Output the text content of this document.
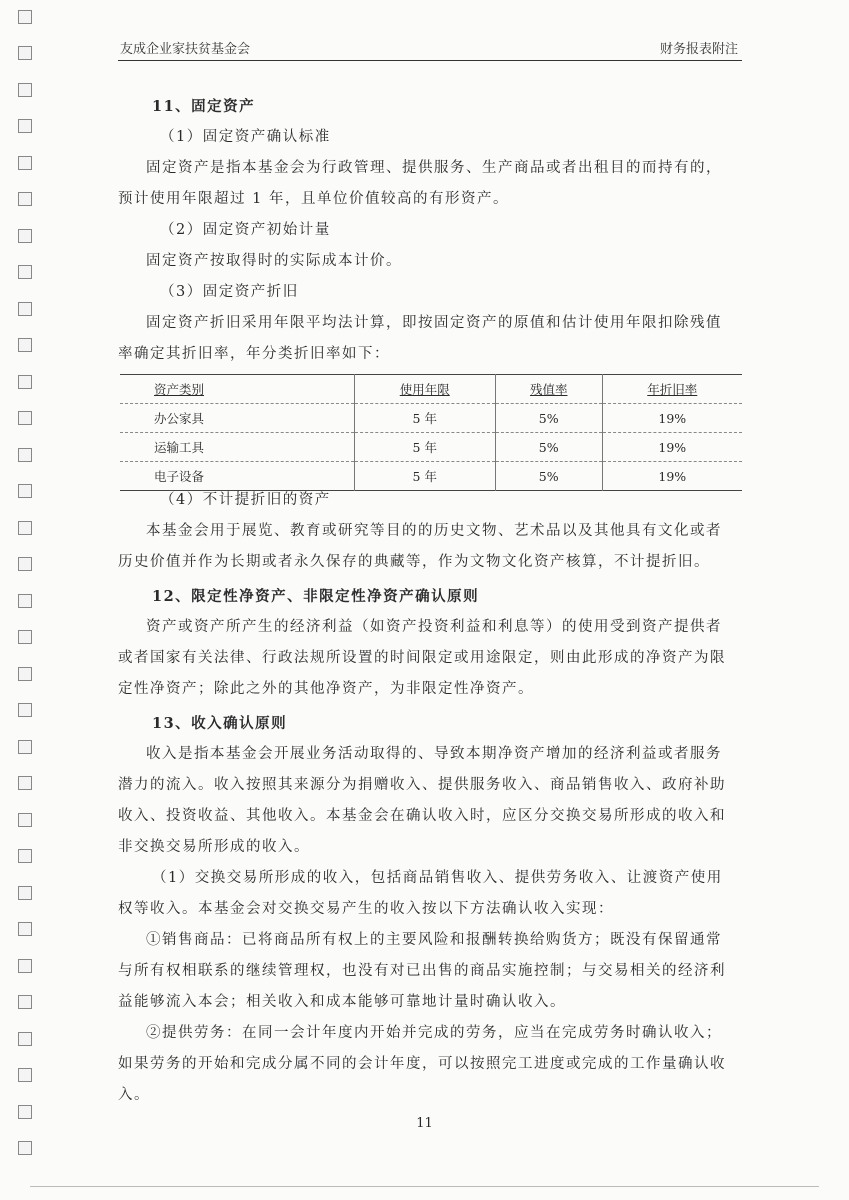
友成企业家扶贫基金会	财务报表附注

11、固定资产

（1）固定资产确认标准

固定资产是指本基金会为行政管理、提供服务、生产商品或者出租目的而持有的，

预计使用年限超过 1 年，且单位价值较高的有形资产。

（2）固定资产初始计量

固定资产按取得时的实际成本计价。

（3）固定资产折旧

固定资产折旧采用年限平均法计算，即按固定资产的原值和估计使用年限扣除残值

率确定其折旧率，年分类折旧率如下：

资产类别	使用年限	残值率	年折旧率
办公家具	5 年	5%	19%
运输工具	5 年	5%	19%
电子设备	5 年	5%	19%

（4）不计提折旧的资产

本基金会用于展览、教育或研究等目的的历史文物、艺术品以及其他具有文化或者

历史价值并作为长期或者永久保存的典藏等，作为文物文化资产核算，不计提折旧。

12、限定性净资产、非限定性净资产确认原则

资产或资产所产生的经济利益（如资产投资利益和利息等）的使用受到资产提供者

或者国家有关法律、行政法规所设置的时间限定或用途限定，则由此形成的净资产为限

定性净资产；除此之外的其他净资产，为非限定性净资产。

13、收入确认原则

收入是指本基金会开展业务活动取得的、导致本期净资产增加的经济利益或者服务

潜力的流入。收入按照其来源分为捐赠收入、提供服务收入、商品销售收入、政府补助

收入、投资收益、其他收入。本基金会在确认收入时，应区分交换交易所形成的收入和

非交换交易所形成的收入。

（1）交换交易所形成的收入，包括商品销售收入、提供劳务收入、让渡资产使用

权等收入。本基金会对交换交易产生的收入按以下方法确认收入实现：

①销售商品：已将商品所有权上的主要风险和报酬转换给购货方；既没有保留通常

与所有权相联系的继续管理权，也没有对已出售的商品实施控制；与交易相关的经济利

益能够流入本会；相关收入和成本能够可靠地计量时确认收入。

②提供劳务：在同一会计年度内开始并完成的劳务，应当在完成劳务时确认收入；

如果劳务的开始和完成分属不同的会计年度，可以按照完工进度或完成的工作量确认收

入。

11
